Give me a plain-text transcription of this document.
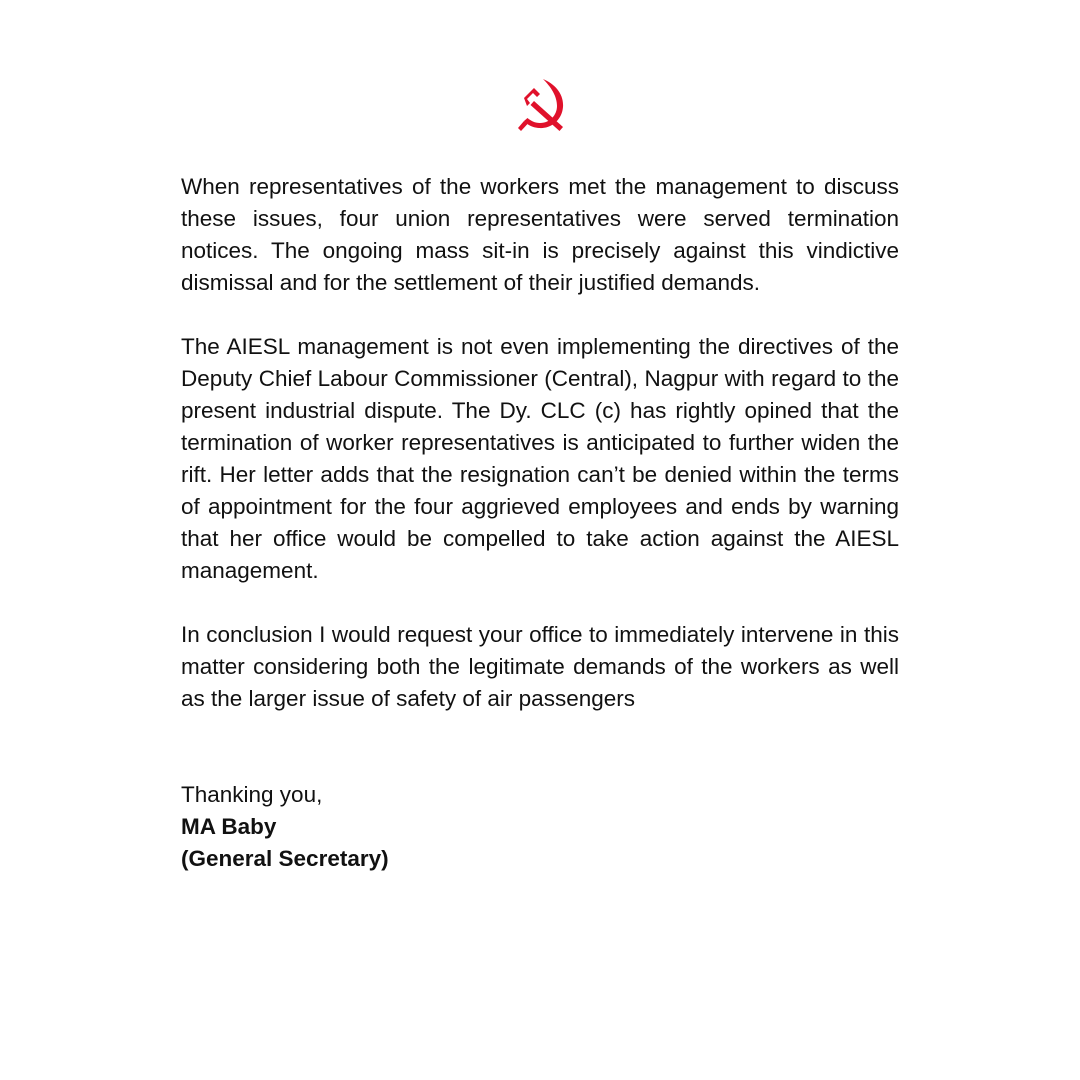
When representatives of the workers met the management to discuss these issues, four union representatives were served termination notices. The ongoing mass sit-in is precisely against this vindictive dismissal and for the settlement of their justified demands.

The AIESL management is not even implementing the directives of the Deputy Chief Labour Commissioner (Central), Nagpur with regard to the present industrial dispute. The Dy. CLC (c) has rightly opined that the termination of worker representatives is anticipated to further widen the rift. Her letter adds that the resignation can’t be denied within the terms of appointment for the four aggrieved employees and ends by warning that her office would be compelled to take action against the AIESL management.

In conclusion I would request your office to immediately intervene in this matter considering both the legitimate demands of the workers as well as the larger issue of safety of air passengers

Thanking you,

MA Baby

(General Secretary)
